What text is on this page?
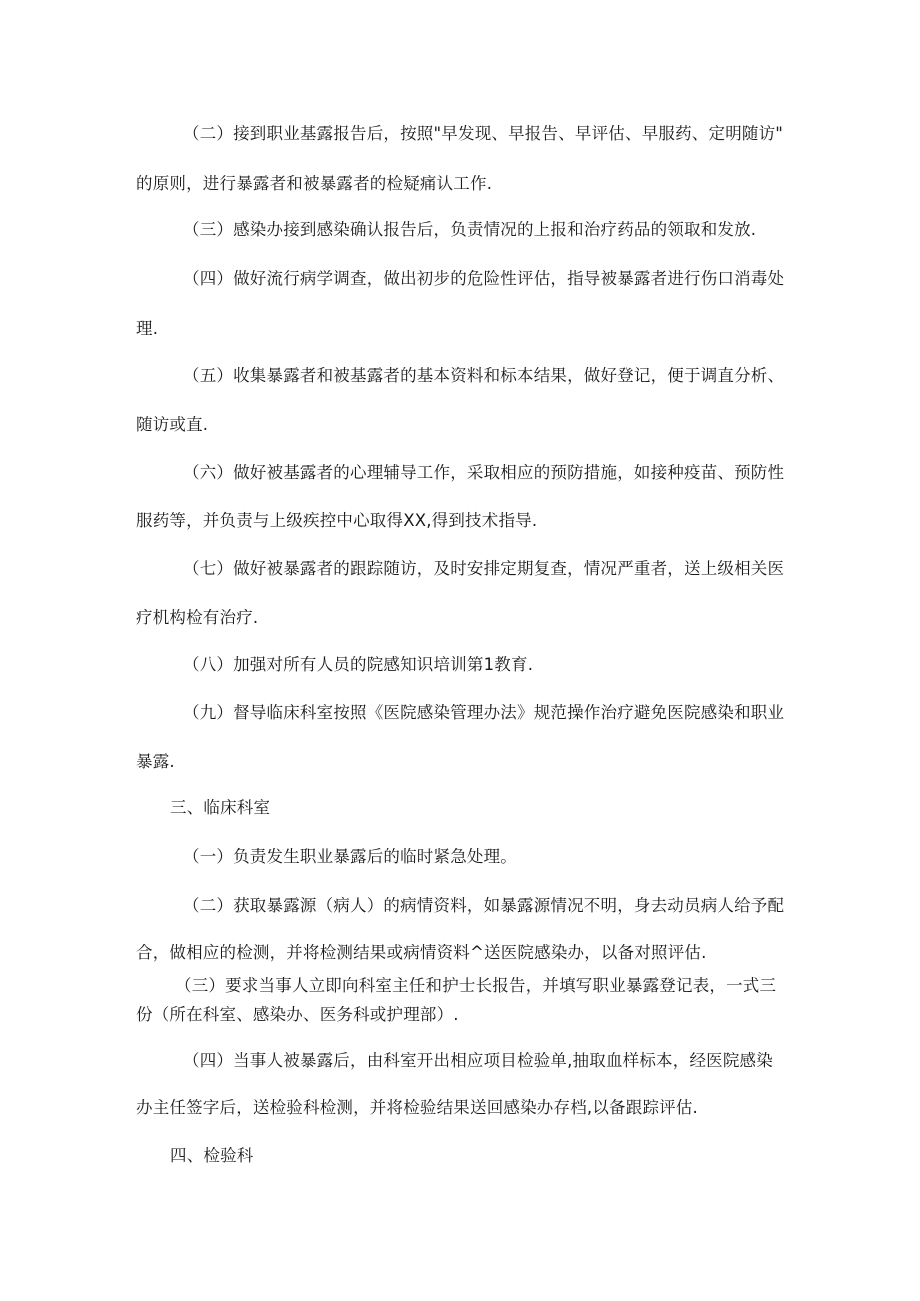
（二）接到职业基露报告后，按照"早发现、早报告、早评估、早服药、定明随访"
的原则，进行暴露者和被暴露者的检疑痛认工作.
（三）感染办接到感染确认报告后，负责情况的上报和治疗药品的领取和发放.
（四）做好流行病学调查，做出初步的危险性评估，指导被暴露者进行伤口消毒处
理.
（五）收集暴露者和被基露者的基本资料和标本结果，做好登记，便于调直分析、
随访或直.
（六）做好被基露者的心理辅导工作，采取相应的预防措施，如接种疫苗、预防性
服药等，并负责与上级疾控中心取得XX,得到技术指导.
（七）做好被暴露者的跟踪随访，及时安排定期复查，情况严重者，送上级相关医
疗机构检有治疗.
（八）加强对所有人员的院感知识培训第1教育.
（九）督导临床科室按照《医院感染管理办法》规范操作治疗避免医院感染和职业
暴露.
三、临床科室
（一）负责发生职业暴露后的临时紧急处理。
（二）获取暴露源（病人）的病情资料，如暴露源情况不明，身去动员病人给予配
合，做相应的检测，并将检测结果或病情资料^送医院感染办，以备对照评估.
（三）要求当事人立即向科室主任和护士长报告，并填写职业暴露登记表，一式三
份（所在科室、感染办、医务科或护理部）.
（四）当事人被暴露后，由科室开出相应项目检验单,抽取血样标本，经医院感染
办主任签字后，送检验科检测，并将检验结果送回感染办存档,以备跟踪评估.
四、检验科
